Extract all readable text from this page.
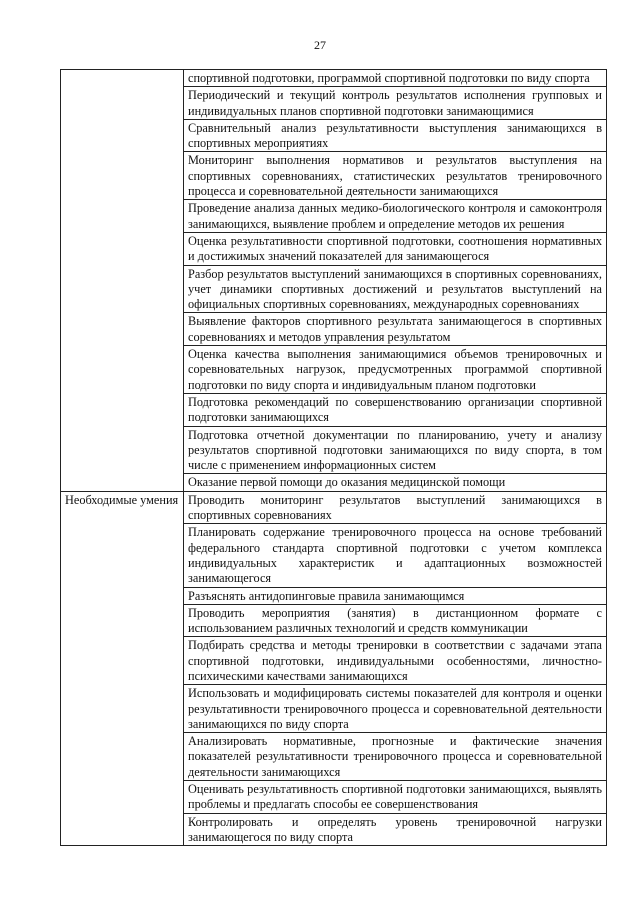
27
	спортивной подготовки, программой спортивной подготовки по виду спорта
	Периодический и текущий контроль результатов исполнения групповых и индивидуальных планов спортивной подготовки занимающимися
	Сравнительный анализ результативности выступления занимающихся в спортивных мероприятиях
	Мониторинг выполнения нормативов и результатов выступления на спортивных соревнованиях, статистических результатов тренировочного процесса и соревновательной деятельности занимающихся
	Проведение анализа данных медико-биологического контроля и самоконтроля занимающихся, выявление проблем и определение методов их решения
	Оценка результативности спортивной подготовки, соотношения нормативных и достижимых значений показателей для занимающегося
	Разбор результатов выступлений занимающихся в спортивных соревнованиях, учет динамики спортивных достижений и результатов выступлений на официальных спортивных соревнованиях, международных соревнованиях
	Выявление факторов спортивного результата занимающегося в спортивных соревнованиях и методов управления результатом
	Оценка качества выполнения занимающимися объемов тренировочных и соревновательных нагрузок, предусмотренных программой спортивной подготовки по виду спорта и индивидуальным планом подготовки
	Подготовка рекомендаций по совершенствованию организации спортивной подготовки занимающихся
	Подготовка отчетной документации по планированию, учету и анализу результатов спортивной подготовки занимающихся по виду спорта, в том числе с применением информационных систем
	Оказание первой помощи до оказания медицинской помощи
Необходимые умения	Проводить мониторинг результатов выступлений занимающихся в спортивных соревнованиях
	Планировать содержание тренировочного процесса на основе требований федерального стандарта спортивной подготовки с учетом комплекса индивидуальных характеристик и адаптационных возможностей занимающегося
	Разъяснять антидопинговые правила занимающимся
	Проводить мероприятия (занятия) в дистанционном формате с использованием различных технологий и средств коммуникации
	Подбирать средства и методы тренировки в соответствии с задачами этапа спортивной подготовки, индивидуальными особенностями, личностно-психическими качествами занимающихся
	Использовать и модифицировать системы показателей для контроля и оценки результативности тренировочного процесса и соревновательной деятельности занимающихся по виду спорта
	Анализировать нормативные, прогнозные и фактические значения показателей результативности тренировочного процесса и соревновательной деятельности занимающихся
	Оценивать результативность спортивной подготовки занимающихся, выявлять проблемы и предлагать способы ее совершенствования
	Контролировать и определять уровень тренировочной нагрузки занимающегося по виду спорта
